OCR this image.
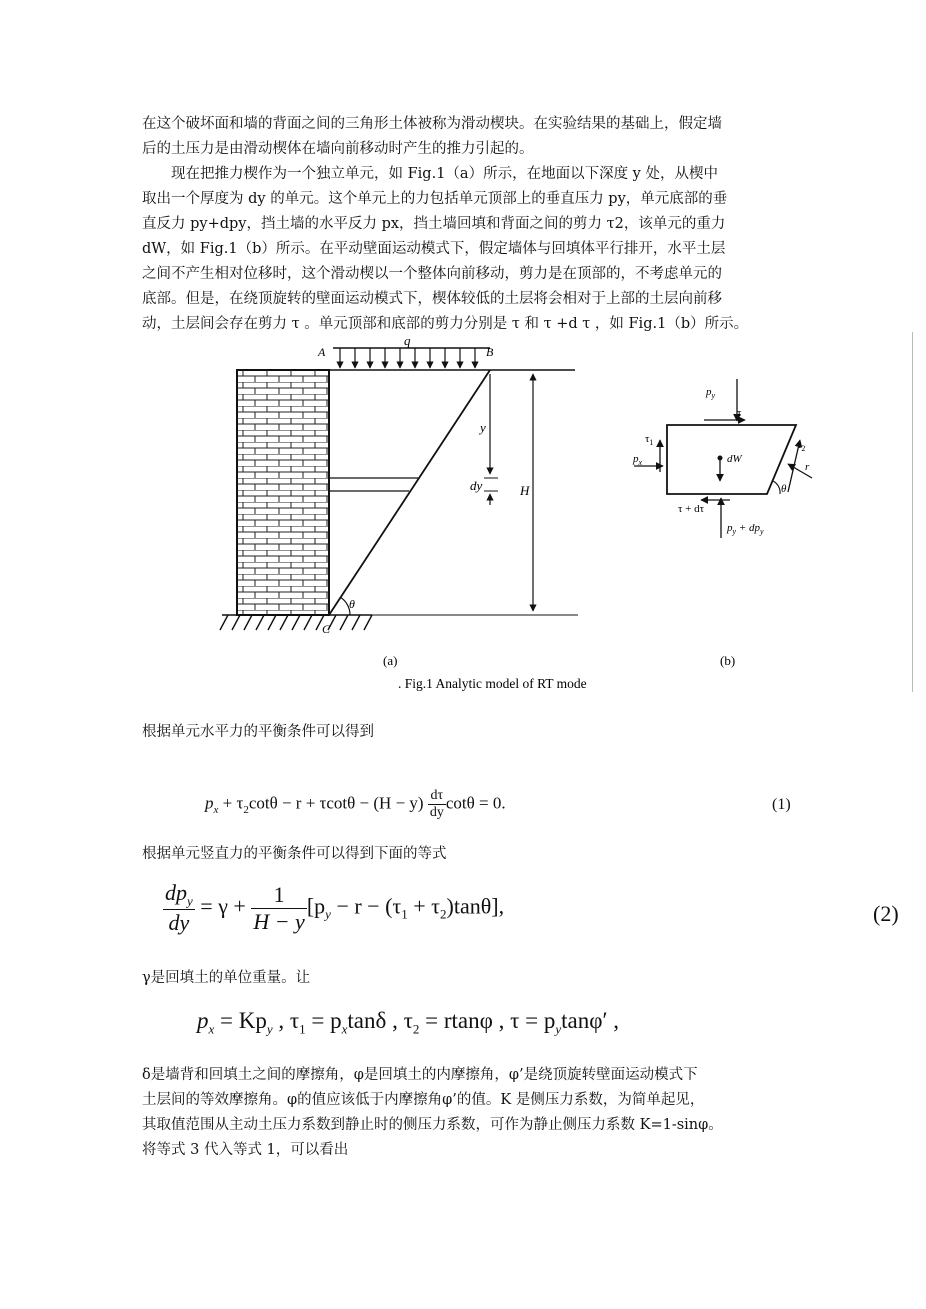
在这个破坏面和墙的背面之间的三角形土体被称为滑动楔块。在实验结果的基础上，假定墙
后的土压力是由滑动楔体在墙向前移动时产生的推力引起的。
现在把推力楔作为一个独立单元，如 Fig.1（a）所示，在地面以下深度 y 处，从楔中
取出一个厚度为 dy 的单元。这个单元上的力包括单元顶部上的垂直压力 py，单元底部的垂
直反力 py+dpy，挡土墙的水平反力 px，挡土墙回填和背面之间的剪力 τ2，该单元的重力
dW，如 Fig.1（b）所示。在平动壁面运动模式下，假定墙体与回填体平行排开，水平土层
之间不产生相对位移时，这个滑动楔以一个整体向前移动，剪力是在顶部的，不考虑单元的
底部。但是，在绕顶旋转的壁面运动模式下，楔体较低的土层将会相对于上部的土层向前移
动，土层间会存在剪力 τ 。单元顶部和底部的剪力分别是 τ 和 τ +d τ ，如 Fig.1（b）所示。
A	B
q
C
y
dy	H
θ
(a)
$p_y$
τ
$\tau_1$
$p_x$	dW
$\tau_2$
r
θ
τ + dτ
$p_y + dp_y$
(b)
. Fig.1 Analytic model of RT mode
根据单元水平力的平衡条件可以得到
$p_x + \tau_2\cot\theta - r + \tau\cot\theta - (H - y) \frac{d\tau}{dy}$ cotθ = 0.	(1)
根据单元竖直力的平衡条件可以得到下面的等式
$\frac{dp_y}{dy} = \gamma + \frac{1}{H - y} [p_y - r - (\tau_1 + \tau_2)\tan\theta]$,	(2)
γ是回填土的单位重量。让
$p_x = Kp_y$ , $\tau_1 = p_x\tan\delta$ , $\tau_2 = rtan\varphi$ , $\tau = p_y\tan\varphi'$ ,
δ是墙背和回填土之间的摩擦角，φ是回填土的内摩擦角，φ’是绕顶旋转壁面运动模式下
土层间的等效摩擦角。φ的值应该低于内摩擦角φ’的值。K 是侧压力系数，为简单起见，
其取值范围从主动土压力系数到静止时的侧压力系数，可作为静止侧压力系数 K=1-sinφ。
将等式 3 代入等式 1，可以看出
